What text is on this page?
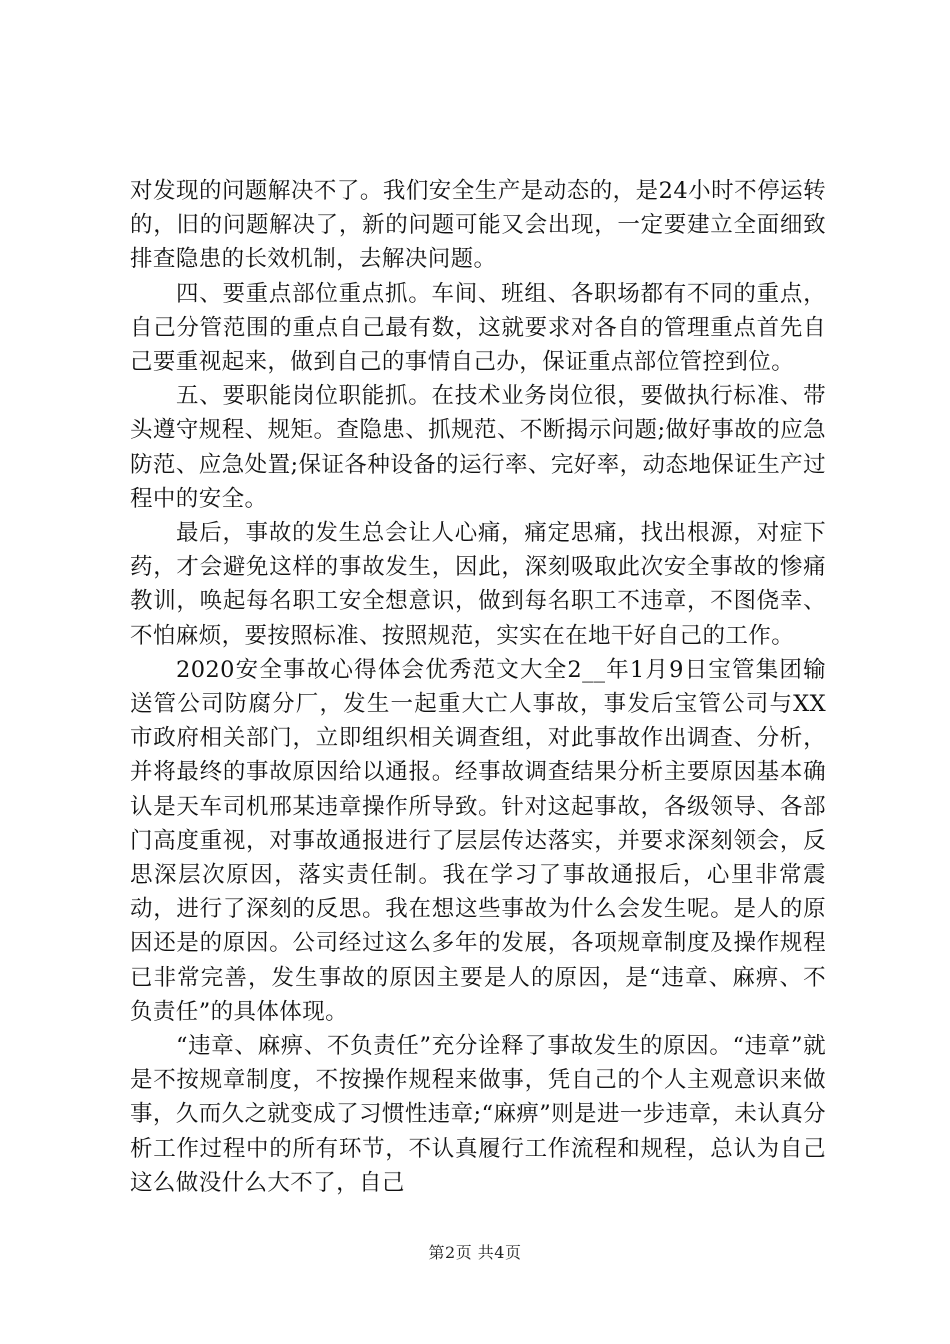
对发现的问题解决不了。我们安全生产是动态的，是24小时不停运转的，旧的问题解决了，新的问题可能又会出现，一定要建立全面细致排查隐患的长效机制，去解决问题。

四、要重点部位重点抓。车间、班组、各职场都有不同的重点，自己分管范围的重点自己最有数，这就要求对各自的管理重点首先自己要重视起来，做到自己的事情自己办，保证重点部位管控到位。

五、要职能岗位职能抓。在技术业务岗位很，要做执行标准、带头遵守规程、规矩。查隐患、抓规范、不断揭示问题;做好事故的应急防范、应急处置;保证各种设备的运行率、完好率，动态地保证生产过程中的安全。

最后，事故的发生总会让人心痛，痛定思痛，找出根源，对症下药，才会避免这样的事故发生，因此，深刻吸取此次安全事故的惨痛教训，唤起每名职工安全想意识，做到每名职工不违章，不图侥幸、不怕麻烦，要按照标准、按照规范，实实在在地干好自己的工作。

2020安全事故心得体会优秀范文大全2__年1月9日宝管集团输送管公司防腐分厂，发生一起重大亡人事故，事发后宝管公司与XX市政府相关部门，立即组织相关调查组，对此事故作出调查、分析，并将最终的事故原因给以通报。经事故调查结果分析主要原因基本确认是天车司机邢某违章操作所导致。针对这起事故，各级领导、各部门高度重视，对事故通报进行了层层传达落实，并要求深刻领会，反思深层次原因，落实责任制。我在学习了事故通报后，心里非常震动，进行了深刻的反思。我在想这些事故为什么会发生呢。是人的原因还是的原因。公司经过这么多年的发展，各项规章制度及操作规程已非常完善，发生事故的原因主要是人的原因，是“违章、麻痹、不负责任”的具体体现。

“违章、麻痹、不负责任”充分诠释了事故发生的原因。“违章”就是不按规章制度，不按操作规程来做事，凭自己的个人主观意识来做事，久而久之就变成了习惯性违章;“麻痹”则是进一步违章，未认真分析工作过程中的所有环节，不认真履行工作流程和规程，总认为自己这么做没什么大不了，自己

第2页 共4页
